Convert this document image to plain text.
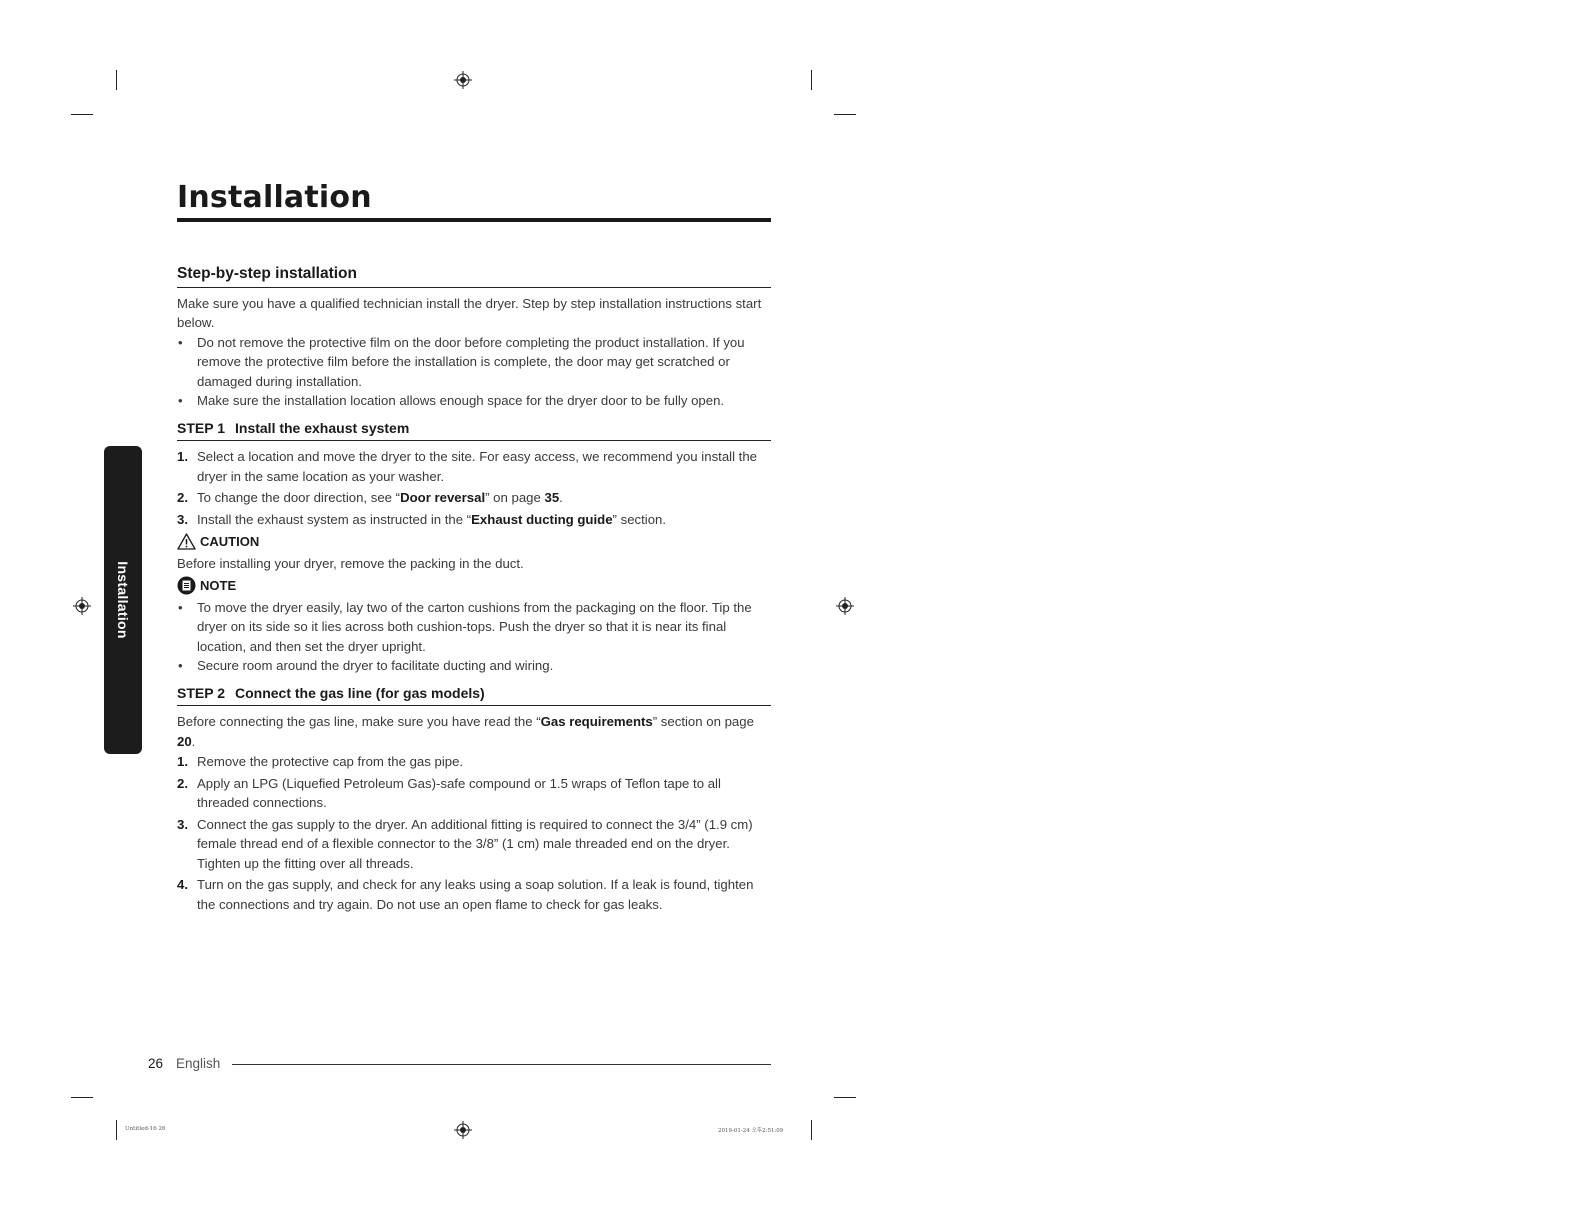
Installation
Installation
Step-by-step installation

Make sure you have a qualified technician install the dryer. Step by step installation instructions start below.

• Do not remove the protective film on the door before completing the product installation. If you remove the protective film before the installation is complete, the door may get scratched or damaged during installation.
• Make sure the installation location allows enough space for the dryer door to be fully open.
STEP 1 Install the exhaust system
1. Select a location and move the dryer to the site. For easy access, we recommend you install the dryer in the same location as your washer.
2. To change the door direction, see “Door reversal” on page 35.
3. Install the exhaust system as instructed in the “Exhaust ducting guide” section.
CAUTION

Before installing your dryer, remove the packing in the duct.

NOTE
• To move the dryer easily, lay two of the carton cushions from the packaging on the floor. Tip the dryer on its side so it lies across both cushion-tops. Push the dryer so that it is near its final location, and then set the dryer upright.
• Secure room around the dryer to facilitate ducting and wiring.
STEP 2 Connect the gas line (for gas models)

Before connecting the gas line, make sure you have read the “Gas requirements” section on page 20.

1. Remove the protective cap from the gas pipe.
2. Apply an LPG (Liquefied Petroleum Gas)-safe compound or 1.5 wraps of Teflon tape to all threaded connections.
3. Connect the gas supply to the dryer. An additional fitting is required to connect the 3/4” (1.9 cm) female thread end of a flexible connector to the 3/8” (1 cm) male threaded end on the dryer. Tighten up the fitting over all threads.
4. Turn on the gas supply, and check for any leaks using a soap solution. If a leak is found, tighten the connections and try again. Do not use an open flame to check for gas leaks.
26 English
Untitled-16 26	2019-01-24 오후2:51:09
